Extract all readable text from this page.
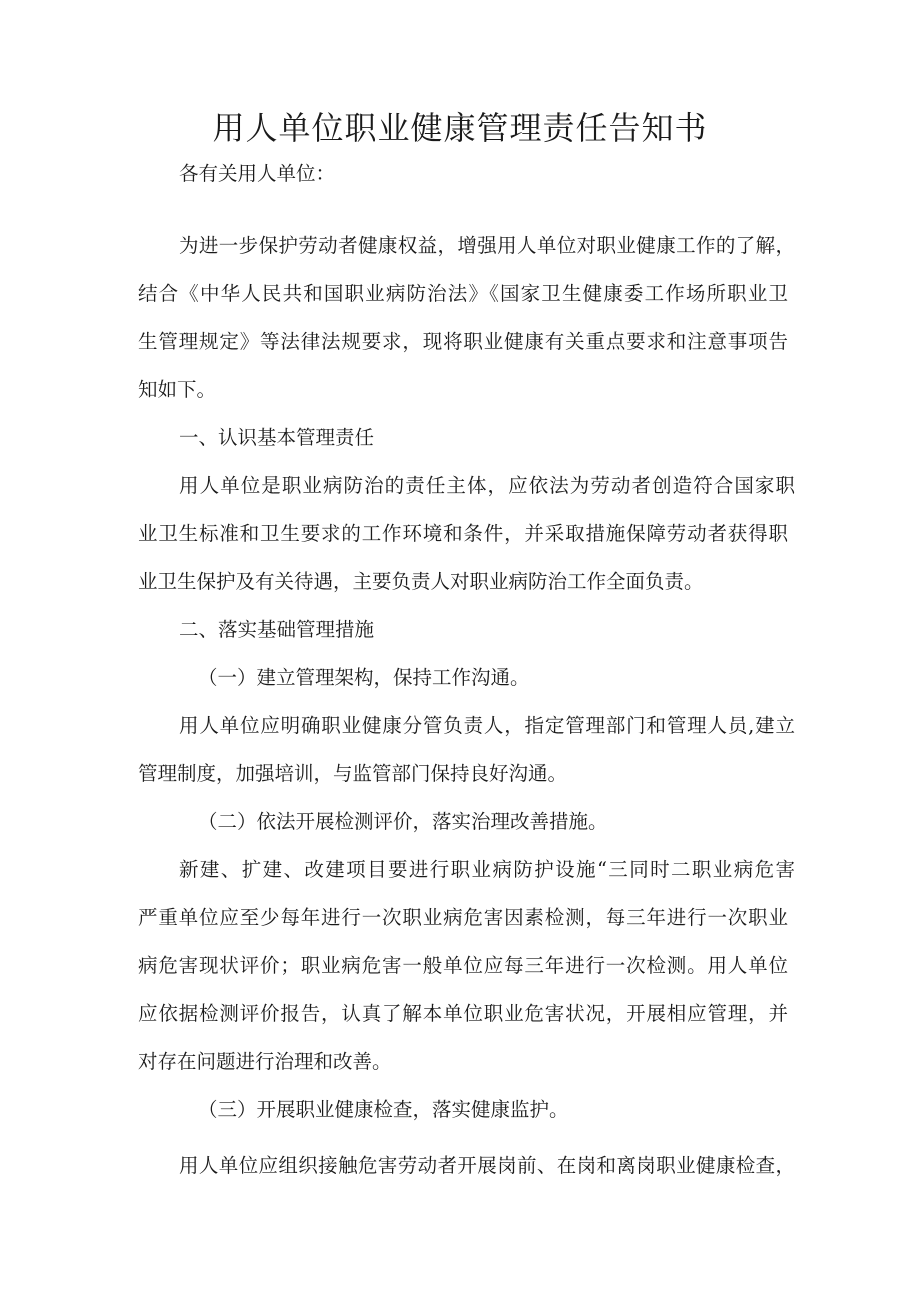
用人单位职业健康管理责任告知书

各有关用人单位：

为进一步保护劳动者健康权益，增强用人单位对职业健康工作的了解，

结合《中华人民共和国职业病防治法》《国家卫生健康委工作场所职业卫

生管理规定》等法律法规要求，现将职业健康有关重点要求和注意事项告

知如下。

一、认识基本管理责任

用人单位是职业病防治的责任主体，应依法为劳动者创造符合国家职

业卫生标准和卫生要求的工作环境和条件，并采取措施保障劳动者获得职

业卫生保护及有关待遇，主要负责人对职业病防治工作全面负责。

二、落实基础管理措施

（一）建立管理架构，保持工作沟通。

用人单位应明确职业健康分管负责人，指定管理部门和管理人员,建立

管理制度，加强培训，与监管部门保持良好沟通。

（二）依法开展检测评价，落实治理改善措施。

新建、扩建、改建项目要进行职业病防护设施“三同时二职业病危害

严重单位应至少每年进行一次职业病危害因素检测，每三年进行一次职业

病危害现状评价；职业病危害一般单位应每三年进行一次检测。用人单位

应依据检测评价报告，认真了解本单位职业危害状况，开展相应管理，并

对存在问题进行治理和改善。

（三）开展职业健康检查，落实健康监护。

用人单位应组织接触危害劳动者开展岗前、在岗和离岗职业健康检查，
